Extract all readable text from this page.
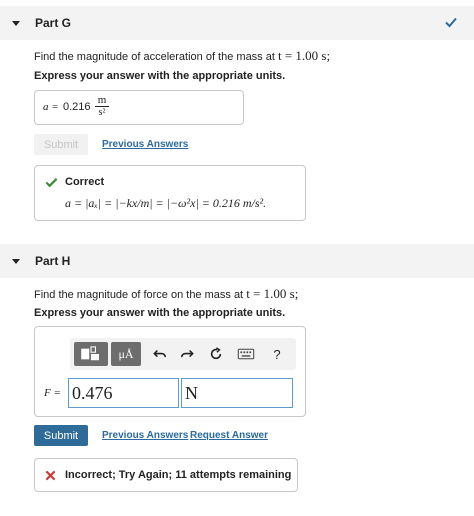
Part G
Find the magnitude of acceleration of the mass at t = 1.00 s;
Express your answer with the appropriate units.
$a = 0.216 \frac{m}{\text{s²}}$
Submit	Previous Answers
Correct
a = |aₓ| = |−kx/m| = |−ω²x| = 0.216 m/s².
Part H
Find the magnitude of force on the mass at t = 1.00 s;
Express your answer with the appropriate units.
μÅ	?
F = 0.476	N
Submit	Previous Answers Request Answer
Incorrect; Try Again; 11 attempts remaining
